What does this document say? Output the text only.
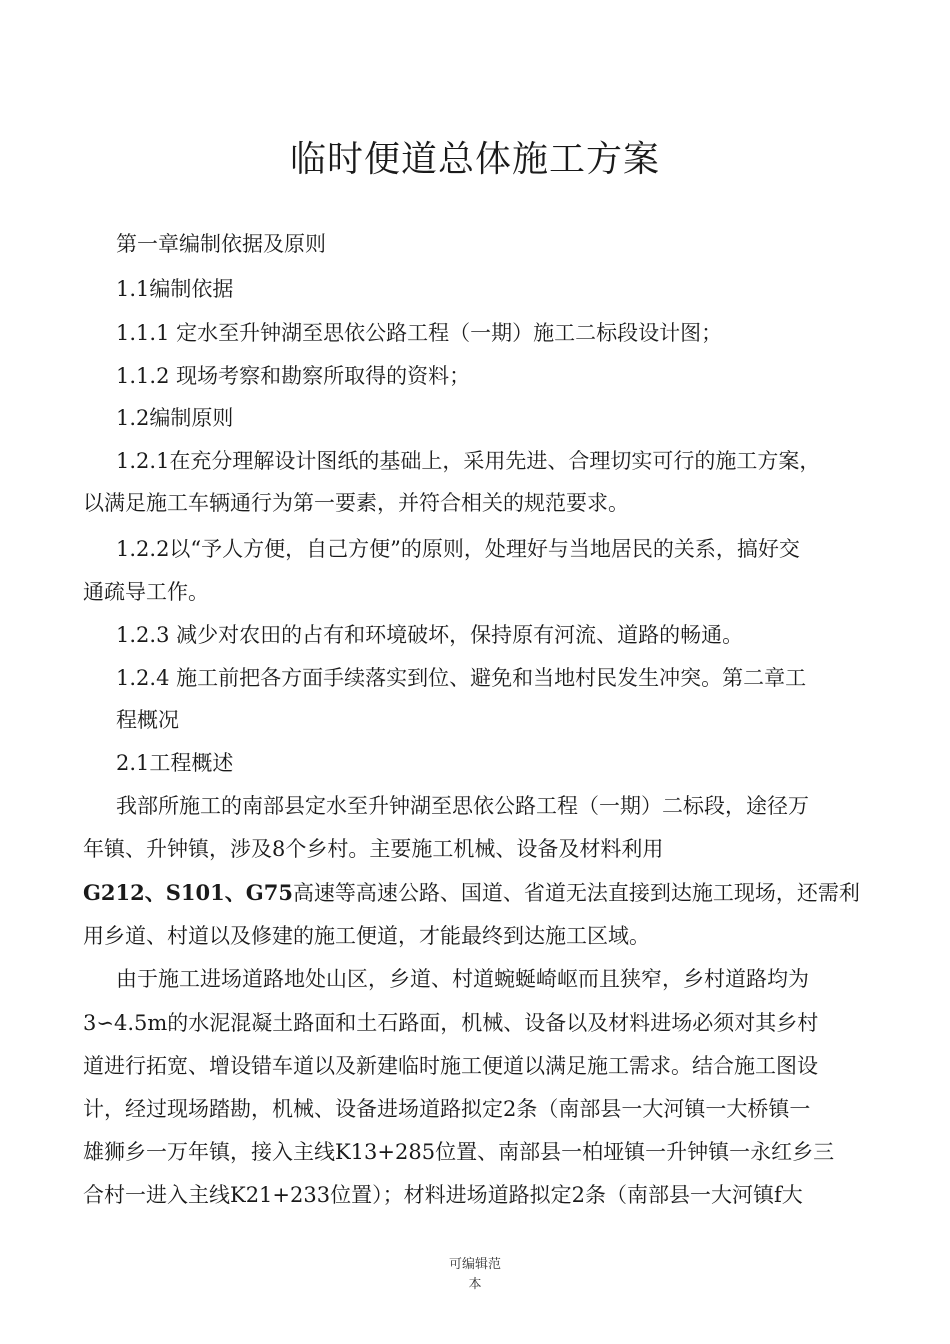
临时便道总体施工方案
第一章编制依据及原则
1.1编制依据
1.1.1 定水至升钟湖至思依公路工程（一期）施工二标段设计图；
1.1.2 现场考察和勘察所取得的资料；
1.2编制原则
1.2.1在充分理解设计图纸的基础上，采用先进、合理切实可行的施工方案，
以满足施工车辆通行为第一要素，并符合相关的规范要求。
1.2.2以“予人方便，自己方便”的原则，处理好与当地居民的关系，搞好交
通疏导工作。
1.2.3 减少对农田的占有和环境破坏，保持原有河流、道路的畅通。
1.2.4 施工前把各方面手续落实到位、避免和当地村民发生冲突。第二章工
程概况
2.1工程概述
我部所施工的南部县定水至升钟湖至思依公路工程（一期）二标段，途径万
年镇、升钟镇，涉及8个乡村。主要施工机械、设备及材料利用
G212、S101、G75高速等高速公路、国道、省道无法直接到达施工现场，还需利
用乡道、村道以及修建的施工便道，才能最终到达施工区域。
由于施工进场道路地处山区，乡道、村道蜿蜒崎岖而且狭窄，乡村道路均为
3∽4.5m的水泥混凝土路面和土石路面，机械、设备以及材料进场必须对其乡村
道进行拓宽、增设错车道以及新建临时施工便道以满足施工需求。结合施工图设
计，经过现场踏勘，机械、设备进场道路拟定2条（南部县一大河镇一大桥镇一
雄狮乡一万年镇，接入主线K13+285位置、南部县一柏垭镇一升钟镇一永红乡三
合村一进入主线K21+233位置）；材料进场道路拟定2条（南部县一大河镇f大
可编辑范
本
